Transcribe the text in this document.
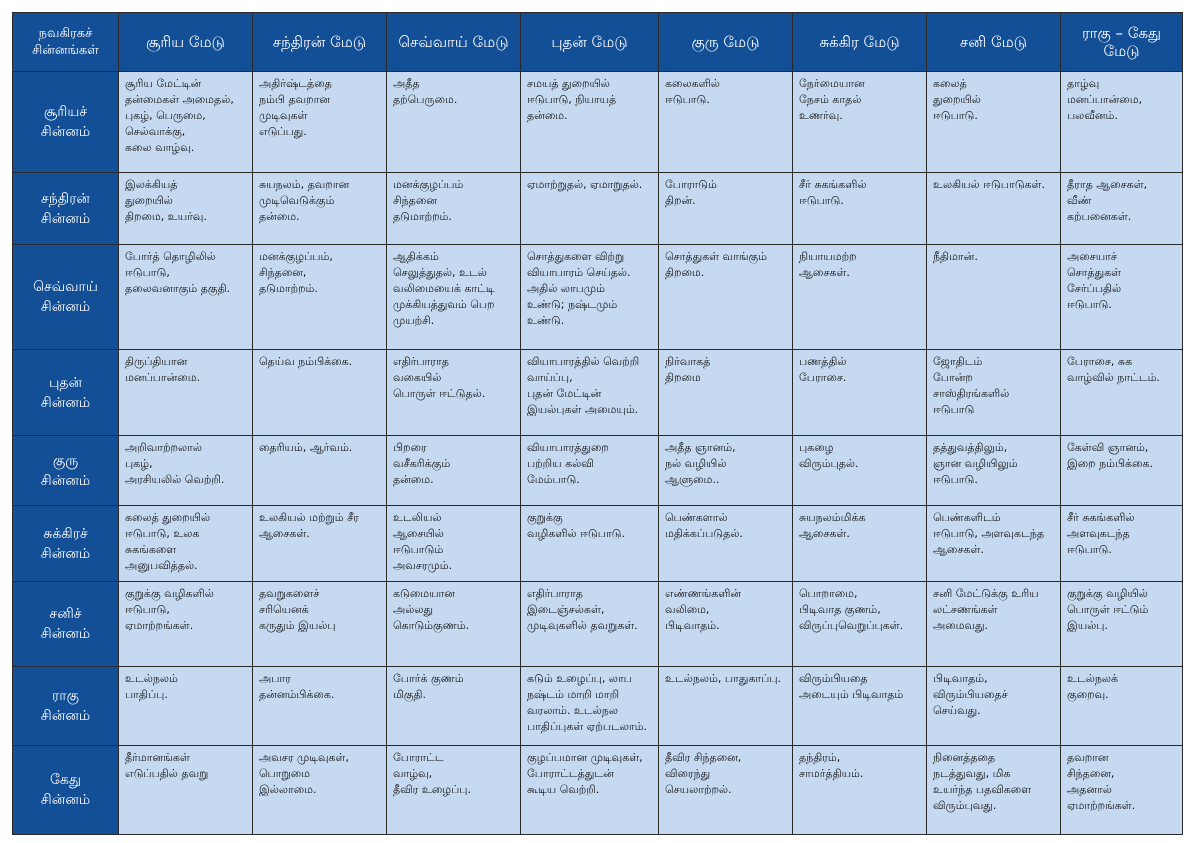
நவகிரகச்
சின்னங்கள்	சூரிய மேடு	சந்திரன் மேடு	செவ்வாய் மேடு	புதன் மேடு	குரு மேடு	சுக்கிர மேடு	சனி மேடு	ராகு – கேது மேடு
சூரியச்
சின்னம்	சூரிய மேட்டின்
தன்மைகள் அமைதல்,
புகழ், பெருமை,
செல்வாக்கு,
கலை வாழ்வு.	அதிர்ஷ்டத்தை
நம்பி தவறான
முடிவுகள்
எடுப்பது.	அதீத
தற்பெருமை.	சமயத் துறையில்
ஈடுபாடு, நியாயத்
தன்மை.	கலைகளில்
ஈடுபாடு.	நேர்மையான
நேசம் காதல்
உணர்வு.	கலைத்
துறையில்
ஈடுபாடு.	தாழ்வு
மனப்பான்மை,
பலவீனம்.
சந்திரன்
சின்னம்	இலக்கியத்
துறையில்
திறமை, உயர்வு.	சுயநலம், தவறான
முடிவெடுக்கும்
தன்மை.	மனக்குழப்பம்
சிந்தனை
தடுமாற்றம்.	ஏமாற்றுதல், ஏமாறுதல்.	போராடும்
திறன்.	சீர் சுகங்களில்
ஈடுபாடு.	உலகியல் ஈடுபாடுகள்.	தீராத ஆசைகள்,
வீண்
கற்பனைகள்.
செவ்வாய்
சின்னம்	போர்த் தொழிலில்
ஈடுபாடு,
தலைவனாகும் தகுதி.	மனக்குழப்பம்,
சிந்தனை,
தடுமாற்றம்.	ஆதிக்கம்
செலுத்துதல், உடல்
வலிமையைக் காட்டி
முக்கியத்துவம் பெற
முயற்சி.	சொத்துகளை விற்று
வியாபாரம் செய்தல்.
அதில் லாபமும்
உண்டு; நஷ்டமும்
உண்டு.	சொத்துகள் வாங்கும்
திறமை.	நியாயமற்ற
ஆசைகள்.	நீதிமான்.	அசையாச்
சொத்துகள்
சேர்ப்பதில்
ஈடுபாடு.
புதன்
சின்னம்	திருப்தியான
மனப்பான்மை.	தெய்வ நம்பிக்கை.	எதிர்பாராத
வகையில்
பொருள் ஈட்டுதல்.	வியாபாரத்தில் வெற்றி
வாய்ப்பு,
புதன் மேட்டின்
இயல்புகள் அமையும்.	நிர்வாகத்
திறமை	பணத்தில்
பேராசை.	ஜோதிடம்
போன்ற
சாஸ்திரங்களில்
ஈடுபாடு	பேராசை, சுக
வாழ்வில் நாட்டம்.
குரு
சின்னம்	அறிவாற்றலால்
புகழ்,
அரசியலில் வெற்றி.	தைரியம், ஆர்வம்.	பிறரை
வசீகரிக்கும்
தன்மை.	வியாபாரத்துறை
பற்றிய கல்வி
மேம்பாடு.	அதீத ஞானம்,
நல் வழியில்
ஆளுமை..	புகழை
விரும்புதல்.	தத்துவத்திலும்,
ஞான வழியிலும்
ஈடுபாடு.	கேள்வி ஞானம்,
இறை நம்பிக்கை.
சுக்கிரச்
சின்னம்	கலைத் துறையில்
ஈடுபாடு, உலக
சுகங்களை
அனுபவித்தல்.	உலகியல் மற்றும் சீர
ஆசைகள்.	உடலியல்
ஆசையில்
ஈடுபாடும்
அவசரமும்.	குறுக்கு
வழிகளில் ஈடுபாடு.	பெண்களால்
மதிக்கப்படுதல்.	சுயநலம்மிக்க
ஆசைகள்.	பெண்களிடம்
ஈடுபாடு, அளவுகடந்த
ஆசைகள்.	சீர் சுகங்களில்
அளவுகடந்த
ஈடுபாடு.
சனிச்
சின்னம்	குறுக்கு வழிகளில்
ஈடுபாடு,
ஏமாற்றங்கள்.	தவறுகளைச்
சரியெனக்
கருதும் இயல்பு	கடுமையான
அல்லது
கொடும்குணம்.	எதிர்பாராத
இடைஞ்சல்கள்,
முடிவுகளில் தவறுகள்.	எண்ணங்களின்
வலிமை,
பிடிவாதம்.	பொறாமை,
பிடிவாத குணம்,
விருப்புவெறுப்புகள்.	சனி மேட்டுக்கு உரிய
லட்சணங்கள்
அமைவது.	குறுக்கு வழியில்
பொருள் ஈட்டும்
இயல்பு.
ராகு
சின்னம்	உடல்நலம்
பாதிப்பு.	அபார
தன்னம்பிக்கை.	போர்க் குணம்
மிகுதி.	கடும் உழைப்பு, லாப
நஷ்டம் மாறி மாறி
வரலாம். உடல்நல
பாதிப்புகள் ஏற்படலாம்.	உடல்நலம், பாதுகாப்பு.	விரும்பியதை
அடையும் பிடிவாதம்	பிடிவாதம்,
விரும்பியதைச்
செய்வது.	உடல்நலக்
குறைவு.
கேது
சின்னம்	தீர்மானங்கள்
எடுப்பதில் தவறு	அவசர முடிவுகள்,
பொறுமை
இல்லாமை.	போராட்ட
வாழ்வு,
தீவிர உழைப்பு.	குழப்பமான முடிவுகள்,
போராட்டத்துடன்
கூடிய வெற்றி.	தீவிர சிந்தனை,
விரைந்து
செயலாற்றல்.	தந்திரம்,
சாமர்த்தியம்.	நினைத்ததை
நடத்துவது, மிக
உயர்ந்த பதவிகளை
விரும்புவது.	தவறான
சிந்தனை,
அதனால்
ஏமாற்றங்கள்.
